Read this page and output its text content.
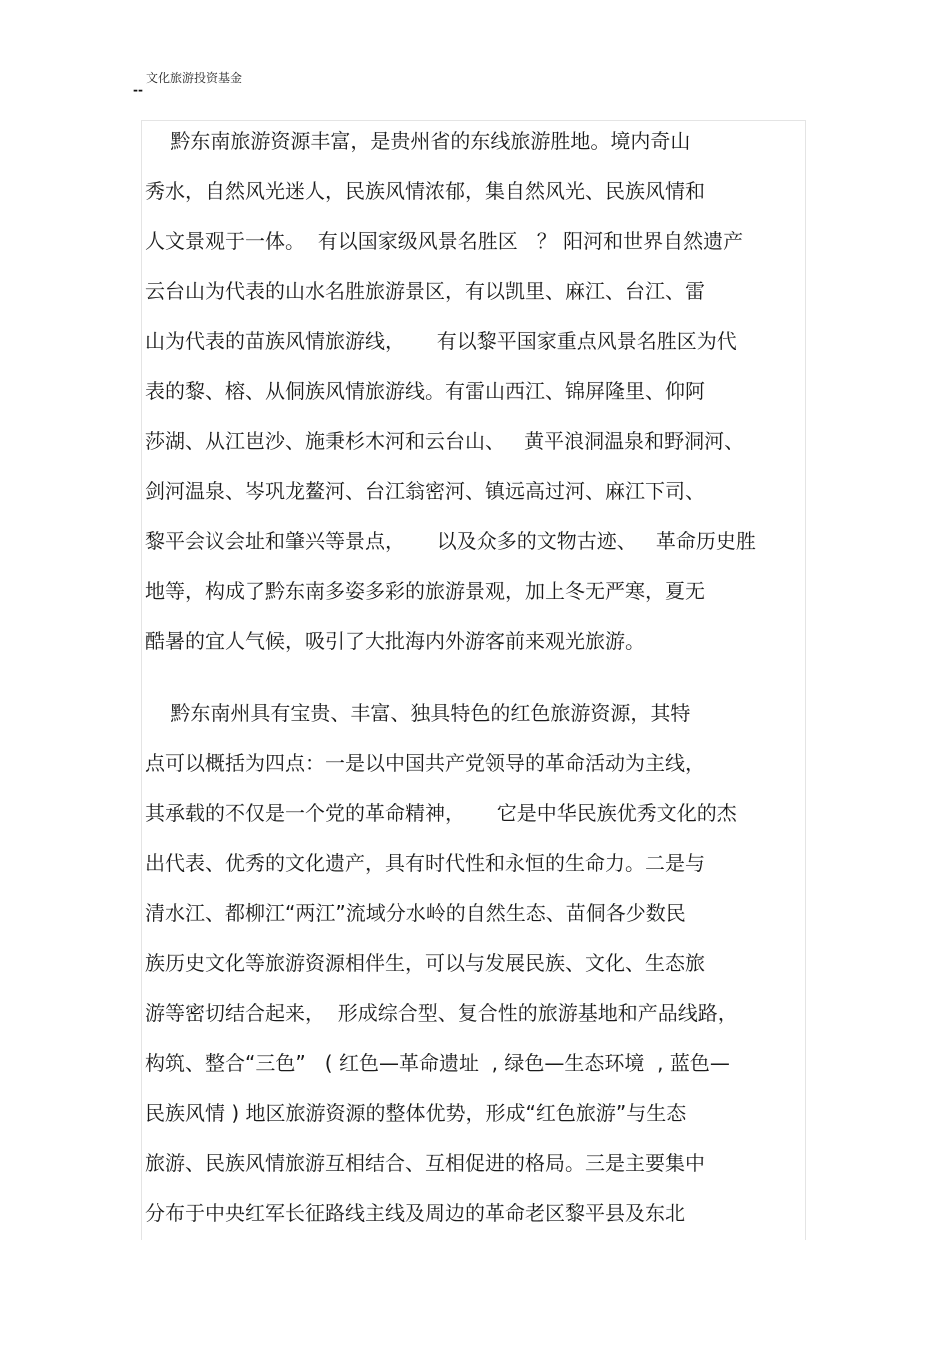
文化旅游投资基金
--
黔东南旅游资源丰富，是贵州省的东线旅游胜地。境内奇山
秀水，自然风光迷人，民族风情浓郁，集自然风光、民族风情和
人文景观于一体。  有以国家级风景名胜区   ？ 阳河和世界自然遗产
云台山为代表的山水名胜旅游景区，有以凯里、麻江、台江、雷
山为代表的苗族风情旅游线，     有以黎平国家重点风景名胜区为代
表的黎、榕、从侗族风情旅游线。有雷山西江、锦屏隆里、仰阿
莎湖、从江岜沙、施秉杉木河和云台山、   黄平浪洞温泉和野洞河、
剑河温泉、岑巩龙鳌河、台江翁密河、镇远高过河、麻江下司、
黎平会议会址和肇兴等景点，     以及众多的文物古迹、   革命历史胜
地等，构成了黔东南多姿多彩的旅游景观，加上冬无严寒，夏无
酷暑的宜人气候，吸引了大批海内外游客前来观光旅游。
黔东南州具有宝贵、丰富、独具特色的红色旅游资源，其特
点可以概括为四点：一是以中国共产党领导的革命活动为主线，
其承载的不仅是一个党的革命精神，     它是中华民族优秀文化的杰
出代表、优秀的文化遗产，具有时代性和永恒的生命力。二是与
清水江、都柳江“两江”流域分水岭的自然生态、苗侗各少数民
族历史文化等旅游资源相伴生，可以与发展民族、文化、生态旅
游等密切结合起来，  形成综合型、复合性的旅游基地和产品线路，
构筑、整合“三色”   ( 红色—革命遗址  , 绿色—生态环境  , 蓝色—
民族风情 ) 地区旅游资源的整体优势，形成“红色旅游”与生态
旅游、民族风情旅游互相结合、互相促进的格局。三是主要集中
分布于中央红军长征路线主线及周边的革命老区黎平县及东北
